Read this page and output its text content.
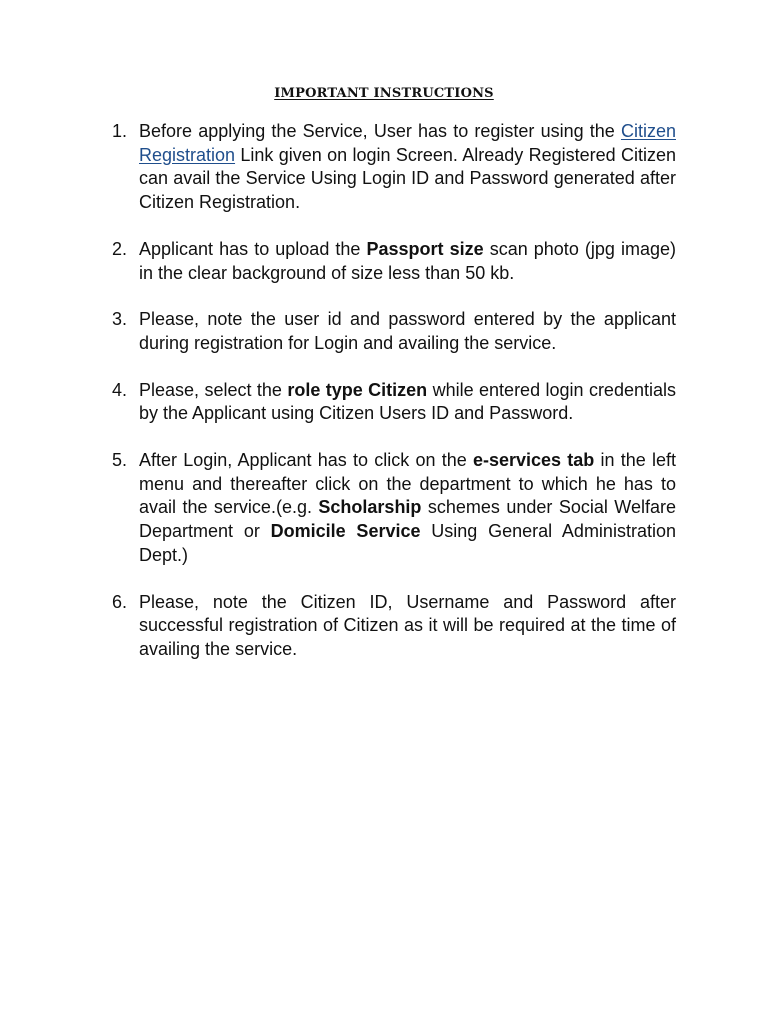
IMPORTANT INSTRUCTIONS
1. Before applying the Service, User has to register using the Citizen Registration Link given on login Screen. Already Registered Citizen can avail the Service Using Login ID and Password generated after Citizen Registration.
2. Applicant has to upload the Passport size scan photo (jpg image) in the clear background of size less than 50 kb.
3. Please, note the user id and password entered by the applicant during registration for Login and availing the service.
4. Please, select the role type Citizen while entered login credentials by the Applicant using Citizen Users ID and Password.
5. After Login, Applicant has to click on the e-services tab in the left menu and thereafter click on the department to which he has to avail the service.(e.g. Scholarship schemes under Social Welfare Department or Domicile Service Using General Administration Dept.)
6. Please, note the Citizen ID, Username and Password after successful registration of Citizen as it will be required at the time of availing the service.
